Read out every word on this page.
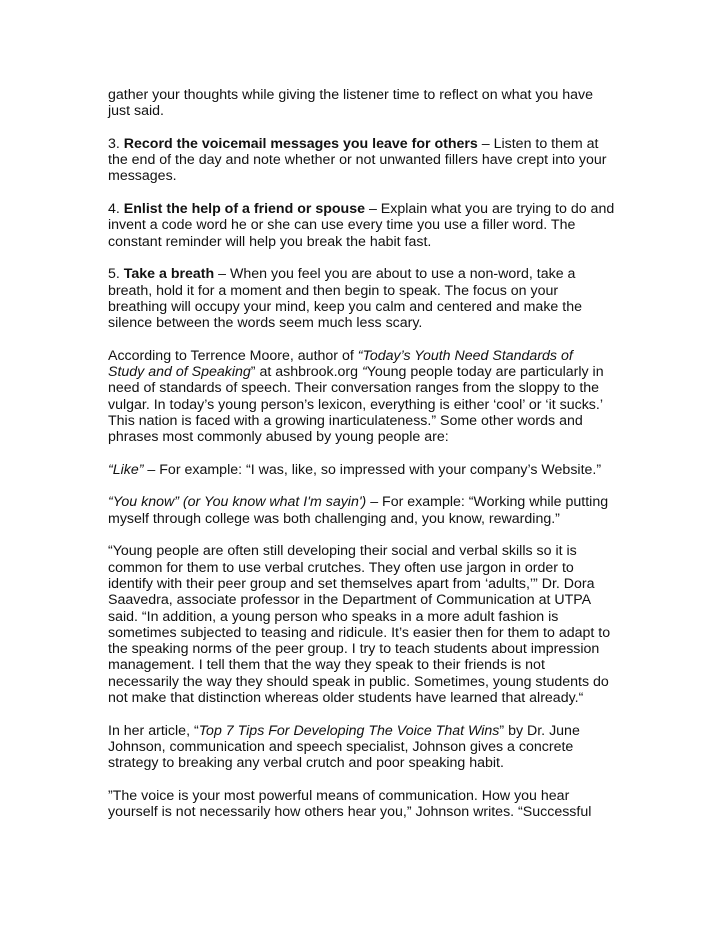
gather your thoughts while giving the listener time to reflect on what you have
just said.

3. Record the voicemail messages you leave for others – Listen to them at
the end of the day and note whether or not unwanted fillers have crept into your
messages.

4. Enlist the help of a friend or spouse – Explain what you are trying to do and
invent a code word he or she can use every time you use a filler word. The
constant reminder will help you break the habit fast.

5. Take a breath – When you feel you are about to use a non-word, take a
breath, hold it for a moment and then begin to speak. The focus on your
breathing will occupy your mind, keep you calm and centered and make the
silence between the words seem much less scary.

According to Terrence Moore, author of “Today’s Youth Need Standards of
Study and of Speaking” at ashbrook.org “Young people today are particularly in
need of standards of speech. Their conversation ranges from the sloppy to the
vulgar. In today’s young person’s lexicon, everything is either ‘cool’ or ‘it sucks.’
This nation is faced with a growing inarticulateness.” Some other words and
phrases most commonly abused by young people are:

“Like” – For example: “I was, like, so impressed with your company’s Website.”

“You know” (or You know what I'm sayin') – For example: “Working while putting
myself through college was both challenging and, you know, rewarding.”

“Young people are often still developing their social and verbal skills so it is
common for them to use verbal crutches. They often use jargon in order to
identify with their peer group and set themselves apart from ‘adults,’” Dr. Dora
Saavedra, associate professor in the Department of Communication at UTPA
said. “In addition, a young person who speaks in a more adult fashion is
sometimes subjected to teasing and ridicule. It’s easier then for them to adapt to
the speaking norms of the peer group. I try to teach students about impression
management. I tell them that the way they speak to their friends is not
necessarily the way they should speak in public. Sometimes, young students do
not make that distinction whereas older students have learned that already.“

In her article, “Top 7 Tips For Developing The Voice That Wins” by Dr. June
Johnson, communication and speech specialist, Johnson gives a concrete
strategy to breaking any verbal crutch and poor speaking habit.

”The voice is your most powerful means of communication. How you hear
yourself is not necessarily how others hear you,” Johnson writes. “Successful
